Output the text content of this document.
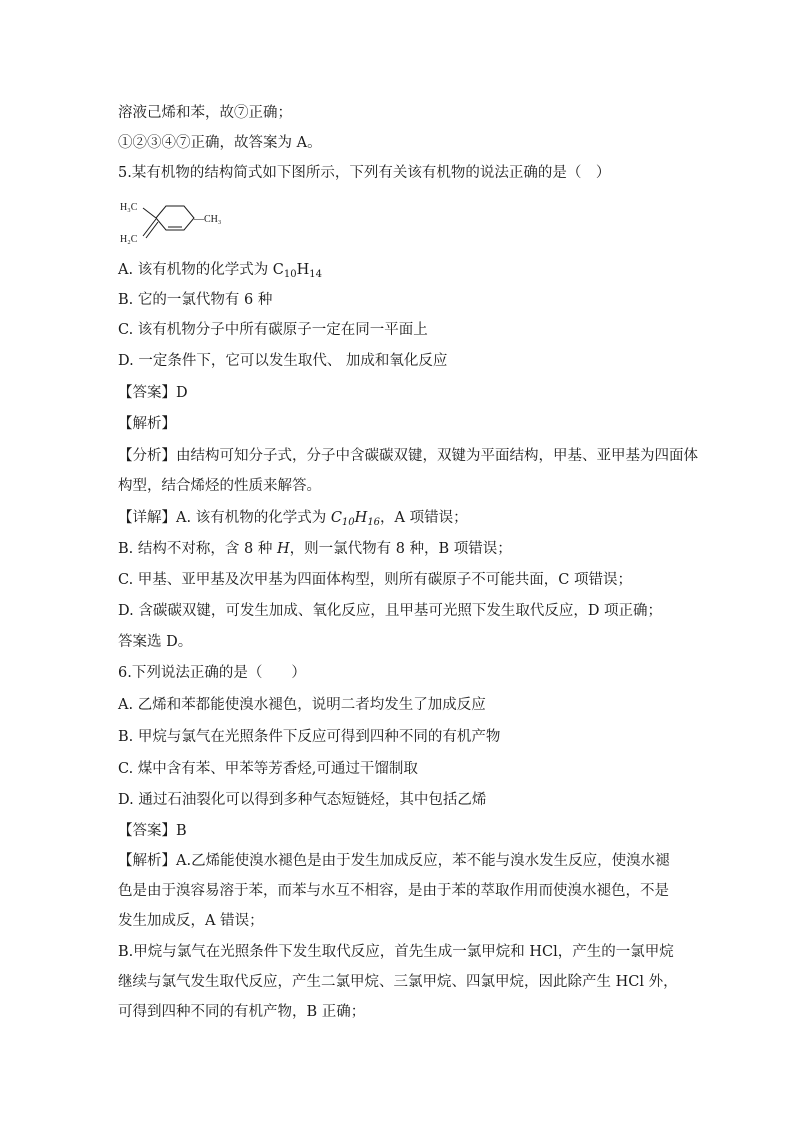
溶液己烯和苯，故⑦正确；
①②③④⑦正确，故答案为 A。
5.某有机物的结构简式如下图所示，下列有关该有机物的说法正确的是（　）
H₃C
H₂C
—CH₃
A. 该有机物的化学式为 $C_{10}H_{14}$
B. 它的一氯代物有 6 种
C. 该有机物分子中所有碳原子一定在同一平面上
D. 一定条件下，它可以发生取代、 加成和氧化反应
【答案】D
【解析】
【分析】由结构可知分子式，分子中含碳碳双键，双键为平面结构，甲基、亚甲基为四面体
构型，结合烯烃的性质来解答。
【详解】A. 该有机物的化学式为 $C_{10}H_{16}$，A 项错误；
B. 结构不对称，含 8 种 H，则一氯代物有 8 种，B 项错误；
C. 甲基、亚甲基及次甲基为四面体构型，则所有碳原子不可能共面，C 项错误；
D. 含碳碳双键，可发生加成、氧化反应，且甲基可光照下发生取代反应，D 项正确；
答案选 D。
6.下列说法正确的是（　　）
A. 乙烯和苯都能使溴水褪色，说明二者均发生了加成反应
B. 甲烷与氯气在光照条件下反应可得到四种不同的有机产物
C. 煤中含有苯、甲苯等芳香烃,可通过干馏制取
D. 通过石油裂化可以得到多种气态短链烃，其中包括乙烯
【答案】B
【解析】A.乙烯能使溴水褪色是由于发生加成反应，苯不能与溴水发生反应，使溴水褪色是由于溴容易溶于苯，而苯与水互不相容，是由于苯的萃取作用而使溴水褪色，不是发生加成反，A 错误；
B.甲烷与氯气在光照条件下发生取代反应，首先生成一氯甲烷和 HCl，产生的一氯甲烷继续与氯气发生取代反应，产生二氯甲烷、三氯甲烷、四氯甲烷，因此除产生 HCl 外，可得到四种不同的有机产物，B 正确；
